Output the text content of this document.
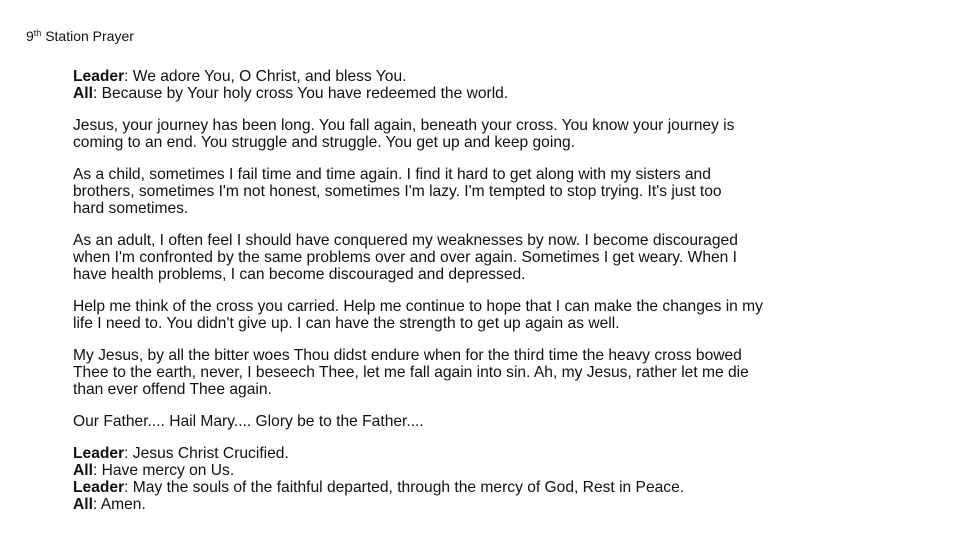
9th Station Prayer
Leader: We adore You, O Christ, and bless You.
All: Because by Your holy cross You have redeemed the world.
Jesus, your journey has been long. You fall again, beneath your cross. You know your journey is
coming to an end. You struggle and struggle. You get up and keep going.
As a child, sometimes I fail time and time again. I find it hard to get along with my sisters and
brothers, sometimes I'm not honest, sometimes I'm lazy. I'm tempted to stop trying. It's just too
hard sometimes.
As an adult, I often feel I should have conquered my weaknesses by now. I become discouraged
when I'm confronted by the same problems over and over again. Sometimes I get weary. When I
have health problems, I can become discouraged and depressed.
Help me think of the cross you carried. Help me continue to hope that I can make the changes in my
life I need to. You didn't give up. I can have the strength to get up again as well.
My Jesus, by all the bitter woes Thou didst endure when for the third time the heavy cross bowed
Thee to the earth, never, I beseech Thee, let me fall again into sin. Ah, my Jesus, rather let me die
than ever offend Thee again.
Our Father.... Hail Mary.... Glory be to the Father....
Leader: Jesus Christ Crucified.
All: Have mercy on Us.
Leader: May the souls of the faithful departed, through the mercy of God, Rest in Peace.
All: Amen.
